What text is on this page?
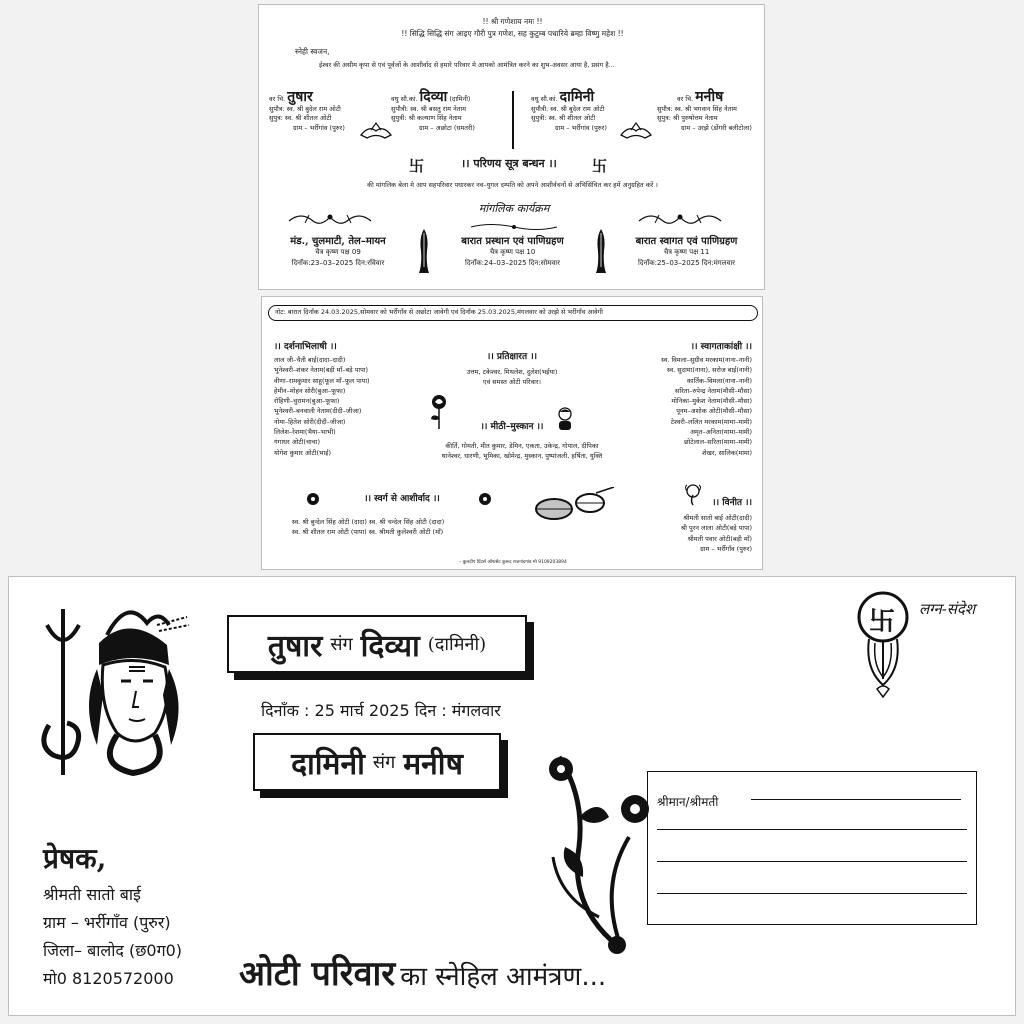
!! श्री गणेशाय नमः !!
!! सिद्धि सिद्धि संग आइए गौरी पुत्र गणेश, सह कुटुम्ब पधारिये ब्रम्हा विष्णु महेश !!
स्नेही स्वजन,
ईश्वर की असीम कृपा से एवं पूर्वजों के आशीर्वाद से हमारे परिवार मे आपको आमंत्रित करने का शुभ-अवसर आया है, प्रसंग है...
वर चि. तुषार
सुपौत्र: स्व. श्री बुदेल राम ओटी
सुपुत्र: स्व. श्री शीतल ओटी
ग्राम – भर्रीगांव (पुरुर)
वधु सौ.कां. दिव्या (दामिनी)
सुपौत्री: स्व. श्री बसतु राम नेताम
सुपुत्री: श्री कल्याण सिंह नेताम
ग्राम – अछोटा (धमतरी)
वधु सौ.कां. दामिनी
सुपौत्री: स्व. श्री बुदेल राम ओटी
सुपुत्री: स्व. श्री शीतल ओटी
ग्राम – भर्रीगांव (पुरुर)
वर चि. मनीष
सुपौत्र: स्व. श्री भगवान सिंह नेताम
सुपुत्र: श्री पुरुषोत्तम नेताम
ग्राम – उरझे (डोंगरी बलीटोला)
卐	।। परिणय सूत्र बन्धन ।।	卐
की मांगलिक बेला मे आप सहपरिवार पधारकर नव–युगल दम्पति को अपने आशीर्वचनों से अभिसिंचित कर हमें अनुग्रहित करें ।
मांगलिक कार्यक्रम
मंड., चुलमाटी, तेल–मायन
चैत्र कृष्ण पक्ष 09
दिनाँक:23–03–2025 दिन:रविवार
बारात प्रस्थान एवं पाणिग्रहण
चैत्र कृष्ण पक्ष 10
दिनाँक:24–03–2025 दिन:सोमवार
बारात स्वागत एवं पाणिग्रहण
चैत्र कृष्ण पक्ष 11
दिनाँक:25–03–2025 दिन:मंगलवार
नोट: बारात दिनाँक 24.03.2025,सोमवार को भर्रीगाँव से अछोटा जावेगी एवं दिनाँक 25.03.2025,मंगलवार को उरझे से भर्रीगाँव आवेगी
।। दर्शनाभिलाषी ।।
लाल जी–चैती बाई(दादा–दादी)
भुनेश्वरी–शंकर नेताम(बड़ी माँ–बड़े पापा)
वीणा–रामकुमार साहू(फूल माँ–फूल पापा)
हेमीन–मोहन सोरी(बुआ–फूफा)
रोहिणी–चुरामन(बुआ–फूफा)
भुनेश्वरी–बनवाली नेताम(दीदी–जीजा)
नोमा–हितेश सोरी(दीदी–जीजा)
लिलेश–रेशमा(भैया–भाभी)
गंगाधर ओटी(चाचा)
योगेश कुमार ओटी(भाई)
।। प्रतिक्षारत ।।
उत्तम, टकेश्वर, मिथलेश, दुलेश(भईया)
एवं समस्त ओटी परिवार।
।। मीठी–मुस्कान ।।
कीर्ति, गोमती, मीत कुमार, डेमिन, एकता, उकेन्द्र, गोपाल, दीपिका
थानेश्वर, धारणी, भूमिका, खोमेन्द्र, मुस्कान, पुष्पांजली, हर्षिता, युक्ति
।। स्वागताकांक्षी ।।
स्व. विमला–सुग्रीव मरकाम(नाना–नानी)
स्व. सुदामा(नाना), सरोज बाई(नानी)
कार्तिक–विमला(नाना–नानी)
सरिता–रुपेन्द्र नेताम(मौसी–मौसा)
मोनिका–मुकेश नेताम(मौसी–मौसा)
पूनम–अशोक ओटी(मौसी–मौसा)
टेश्वरी–ललित मरकाम(मामा–मामी)
अमृत–अनिता(मामा–मामी)
छोटेलाल–सरिता(मामा–मामी)
शेखर, सालिक(मामा)
।। स्वर्ग से आशीर्वाद ।।
स्व. श्री बुन्देल सिंह ओटी (दादा) स्व. श्री चन्देल सिंह ओटी (दादा)
स्व. श्री शीतल राम ओटी (पापा) स्व. श्रीमती कुलेश्वरी ओटी (माँ)
।। विनीत ।।
श्रीमती सातो बाई ओटी(दादी)
श्री पुरन लाला ओटी(बड़े पापा)
श्रीमती पवार ओटी(बड़ी माँ)
ग्राम – भर्रीगाँव (पुरुर)
– कुलदीप प्रिंटर्स ऑफसेट कुरूद राजनांदगांव मो 9109203894
तुषार संग दिव्या (दामिनी)
दिनाँक : 25 मार्च 2025 दिन : मंगलवार
दामिनी संग मनीष
卐 लग्न-संदेश
श्रीमान/श्रीमती
प्रेषक,
श्रीमती सातो बाई
ग्राम – भर्रीगाँव (पुरुर)
जिला– बालोद (छ0ग0)
मो0 8120572000 ओटी परिवार का स्नेहिल आमंत्रण...
